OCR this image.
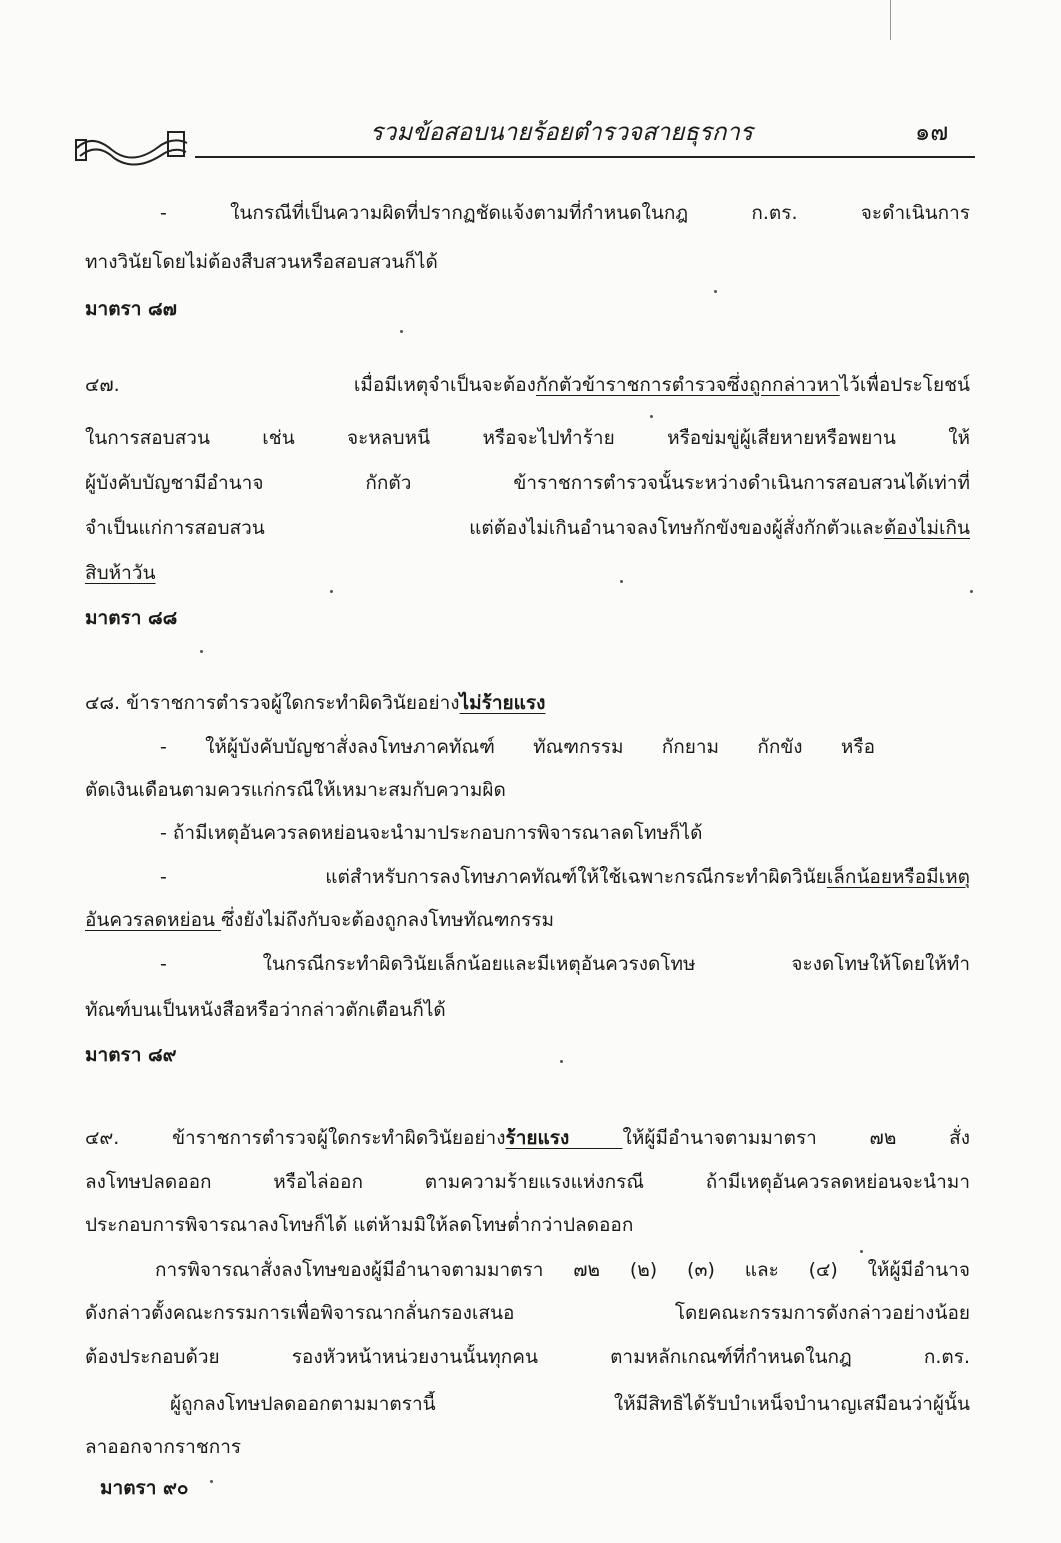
รวมข้อสอบนายร้อยตำรวจสายธุรการ	๑๗
- ในกรณีที่เป็นความผิดที่ปรากฏชัดแจ้งตามที่กำหนดในกฎ ก.ตร. จะดำเนินการ
ทางวินัยโดยไม่ต้องสืบสวนหรือสอบสวนก็ได้
มาตรา ๘๗
๔๗. เมื่อมีเหตุจำเป็นจะต้องกักตัวข้าราชการตำรวจซึ่งถูกกล่าวหาไว้เพื่อประโยชน์
ในการสอบสวน เช่น จะหลบหนี หรือจะไปทำร้าย หรือข่มขู่ผู้เสียหายหรือพยาน ให้
ผู้บังคับบัญชามีอำนาจ กักตัว ข้าราชการตำรวจนั้นระหว่างดำเนินการสอบสวนได้เท่าที่
จำเป็นแก่การสอบสวน แต่ต้องไม่เกินอำนาจลงโทษกักขังของผู้สั่งกักตัวและต้องไม่เกิน
สิบห้าวัน
มาตรา ๘๘
๔๘. ข้าราชการตำรวจผู้ใดกระทำผิดวินัยอย่างไม่ร้ายแรง
- ให้ผู้บังคับบัญชาสั่งลงโทษภาคทัณฑ์ ทัณฑกรรม กักยาม กักขัง หรือ
ตัดเงินเดือนตามควรแก่กรณีให้เหมาะสมกับความผิด
- ถ้ามีเหตุอันควรลดหย่อนจะนำมาประกอบการพิจารณาลดโทษก็ได้
- แต่สำหรับการลงโทษภาคทัณฑ์ให้ใช้เฉพาะกรณีกระทำผิดวินัยเล็กน้อยหรือมีเหตุ
อันควรลดหย่อน ซึ่งยังไม่ถึงกับจะต้องถูกลงโทษทัณฑกรรม
- ในกรณีกระทำผิดวินัยเล็กน้อยและมีเหตุอันควรงดโทษ จะงดโทษให้โดยให้ทำ
ทัณฑ์บนเป็นหนังสือหรือว่ากล่าวตักเตือนก็ได้
มาตรา ๘๙
๔๙. ข้าราชการตำรวจผู้ใดกระทำผิดวินัยอย่างร้ายแรง ให้ผู้มีอำนาจตามมาตรา ๗๒ สั่ง
ลงโทษปลดออก หรือไล่ออก ตามความร้ายแรงแห่งกรณี ถ้ามีเหตุอันควรลดหย่อนจะนำมา
ประกอบการพิจารณาลงโทษก็ได้ แต่ห้ามมิให้ลดโทษต่ำกว่าปลดออก
การพิจารณาสั่งลงโทษของผู้มีอำนาจตามมาตรา ๗๒ (๒) (๓) และ (๔) ให้ผู้มีอำนาจ
ดังกล่าวตั้งคณะกรรมการเพื่อพิจารณากลั่นกรองเสนอ โดยคณะกรรมการดังกล่าวอย่างน้อย
ต้องประกอบด้วย รองหัวหน้าหน่วยงานนั้นทุกคน ตามหลักเกณฑ์ที่กำหนดในกฎ ก.ตร.
ผู้ถูกลงโทษปลดออกตามมาตรานี้ ให้มีสิทธิได้รับบำเหน็จบำนาญเสมือนว่าผู้นั้น
ลาออกจากราชการ
มาตรา ๙๐
